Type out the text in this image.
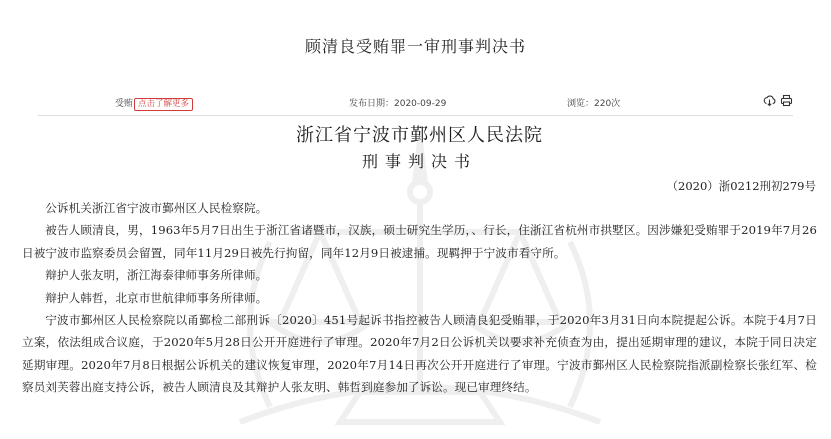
顾清良受贿罪一审刑事判决书
受贿 点击了解更多	发布日期：2020-09-29	浏览：220次
浙江省宁波市鄞州区人民法院
刑事判决书
（2020）浙0212刑初279号

公诉机关浙江省宁波市鄞州区人民检察院。

被告人顾清良，男，1963年5月7日出生于浙江省诸暨市，汉族，硕士研究生学历，、行长，住浙江省杭州市拱墅区。因涉嫌犯受贿罪于2019年7月26日被宁波市监察委员会留置，同年11月29日被先行拘留，同年12月9日被逮捕。现羁押于宁波市看守所。

辩护人张友明，浙江海泰律师事务所律师。

辩护人韩哲，北京市世航律师事务所律师。

宁波市鄞州区人民检察院以甬鄞检二部刑诉〔2020〕451号起诉书指控被告人顾清良犯受贿罪，于2020年3月31日向本院提起公诉。本院于4月7日立案，依法组成合议庭，于2020年5月28日公开开庭进行了审理。2020年7月2日公诉机关以要求补充侦查为由，提出延期审理的建议，本院于同日决定延期审理。2020年7月8日根据公诉机关的建议恢复审理，2020年7月14日再次公开开庭进行了审理。宁波市鄞州区人民检察院指派副检察长张红军、检察员刘芙蓉出庭支持公诉，被告人顾清良及其辩护人张友明、韩哲到庭参加了诉讼。现已审理终结。
